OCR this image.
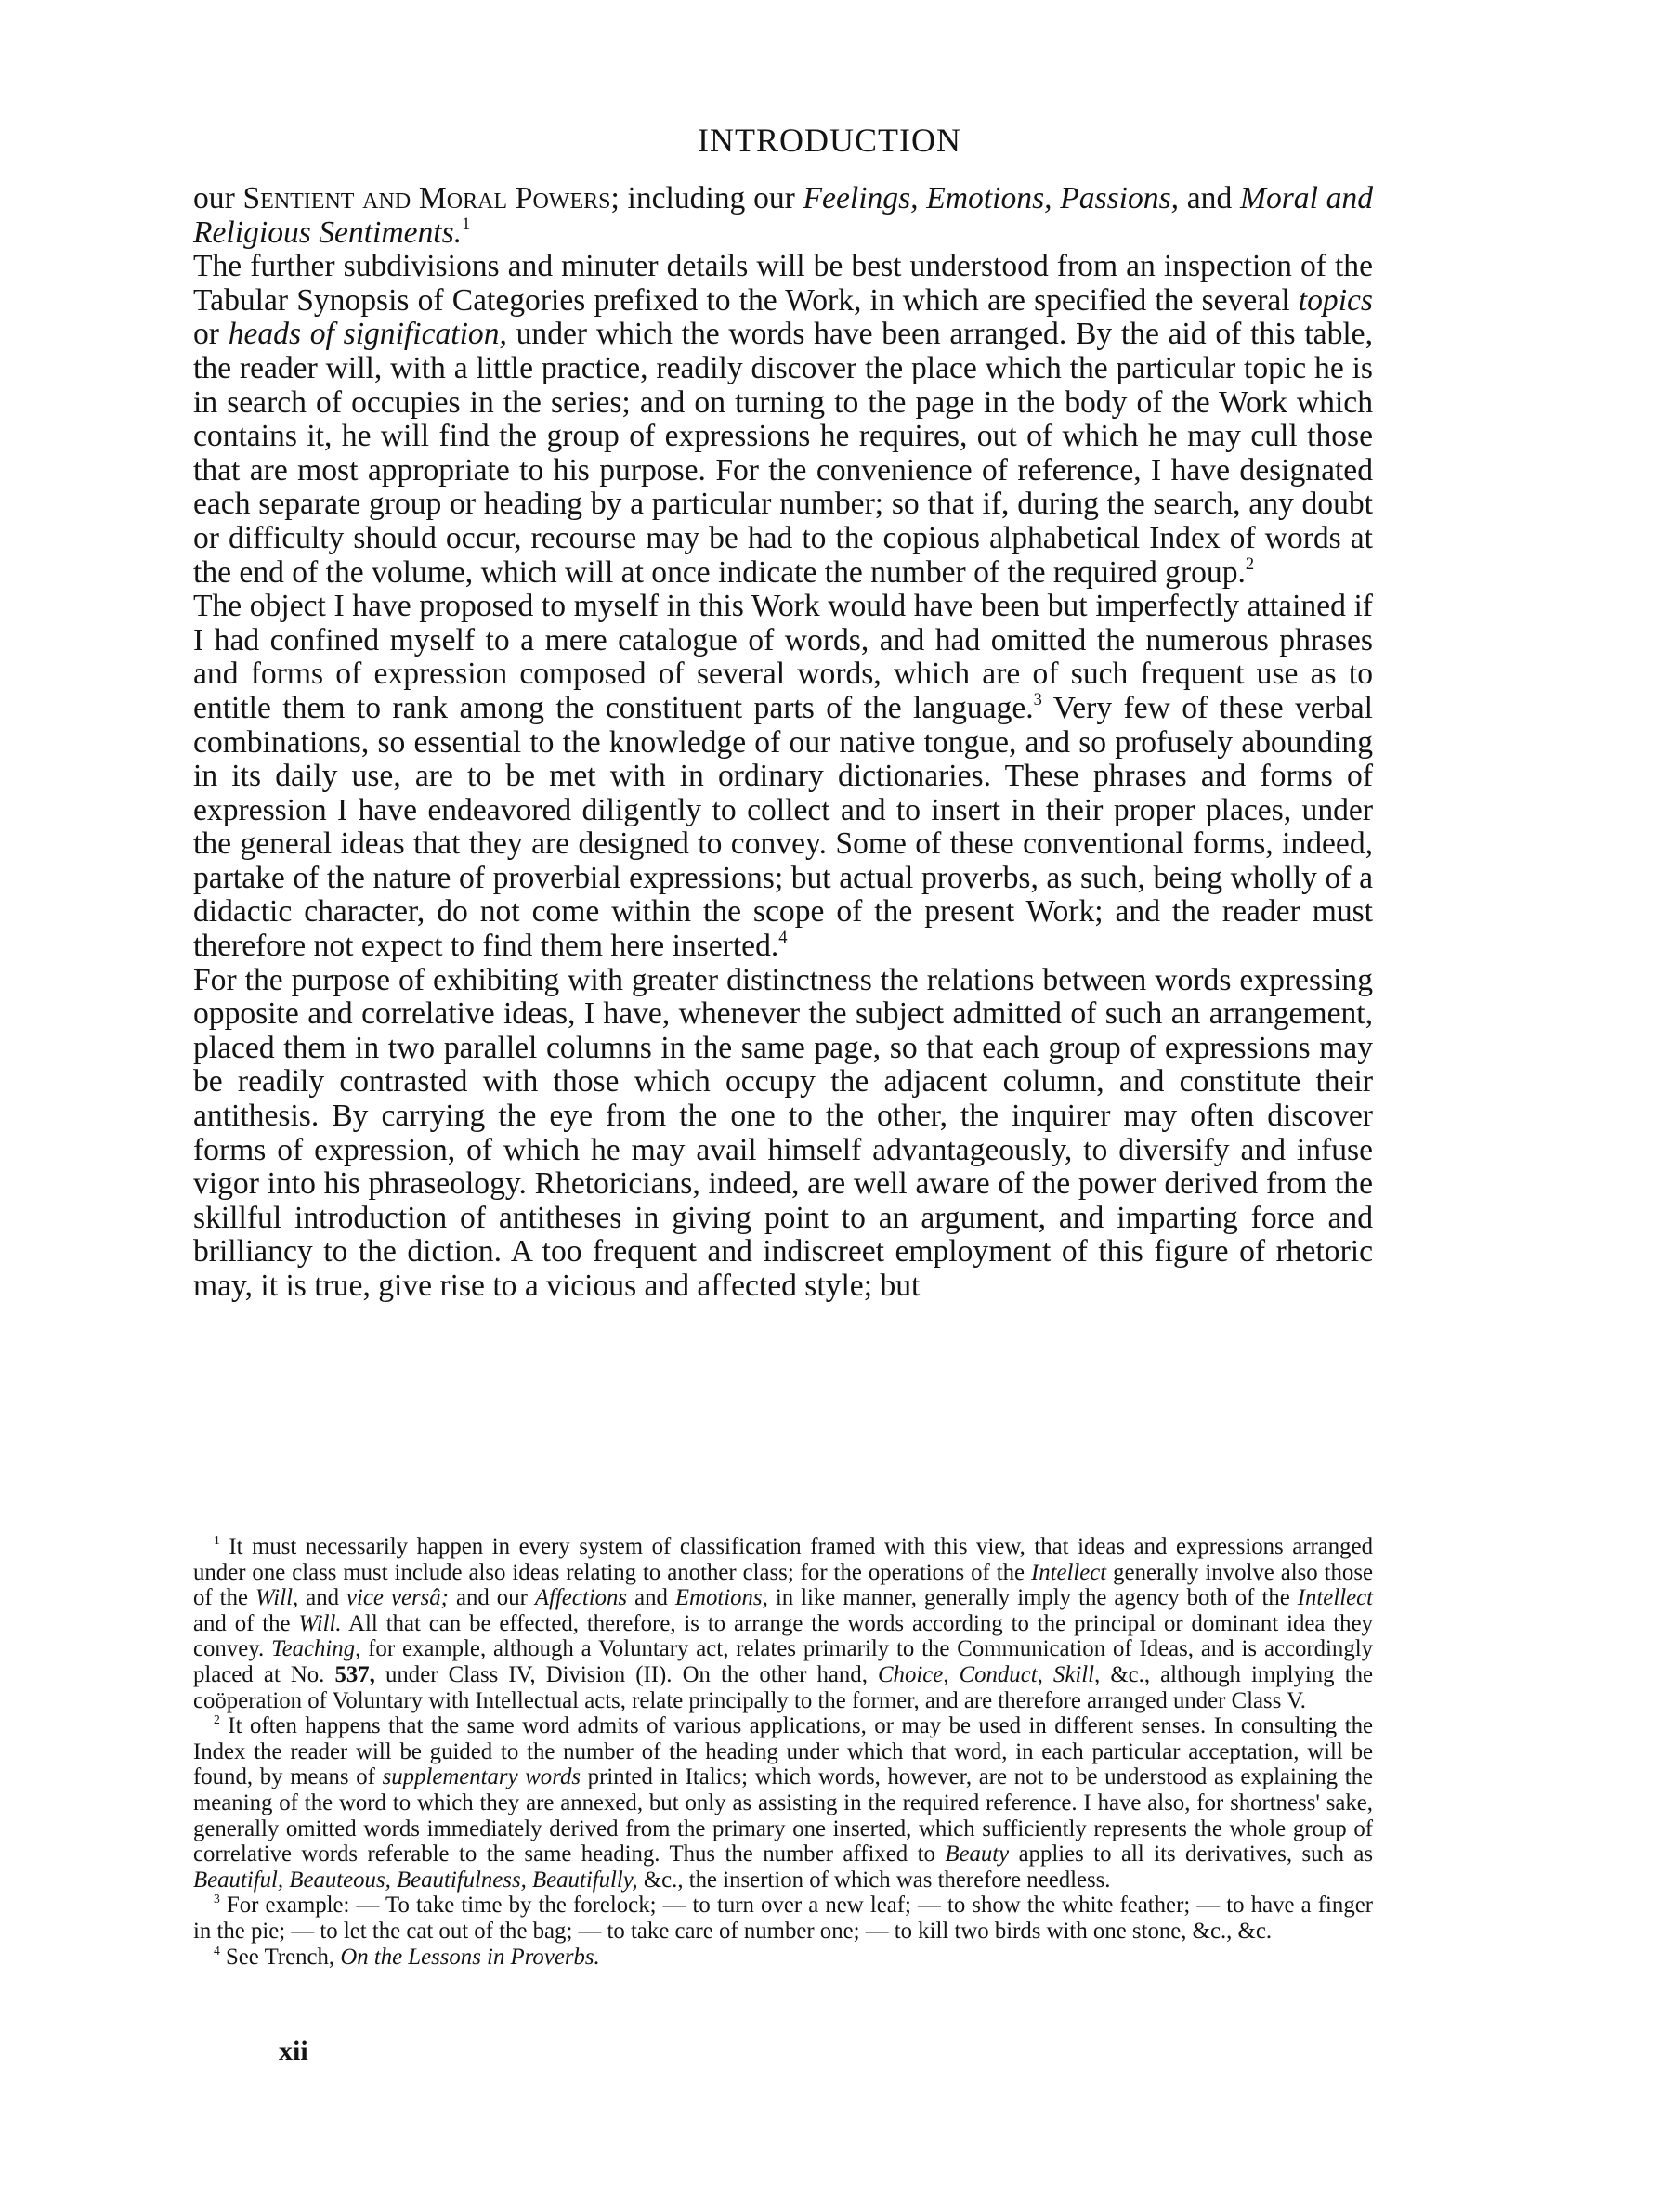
INTRODUCTION

our Sentient and Moral Powers; including our Feelings, Emotions, Passions, and Moral and Religious Sentiments.$^1$

The further subdivisions and minuter details will be best understood from an inspection of the Tabular Synopsis of Categories prefixed to the Work, in which are specified the several topics or heads of signification, under which the words have been arranged. By the aid of this table, the reader will, with a little practice, readily discover the place which the particular topic he is in search of occupies in the series; and on turning to the page in the body of the Work which contains it, he will find the group of expressions he requires, out of which he may cull those that are most appropriate to his purpose. For the convenience of reference, I have designated each separate group or heading by a particular number; so that if, during the search, any doubt or difficulty should occur, recourse may be had to the copious alphabetical Index of words at the end of the volume, which will at once indicate the number of the required group.$^2$

The object I have proposed to myself in this Work would have been but imperfectly attained if I had confined myself to a mere catalogue of words, and had omitted the numerous phrases and forms of expression composed of several words, which are of such frequent use as to entitle them to rank among the constituent parts of the language.$^3$ Very few of these verbal combinations, so essential to the knowledge of our native tongue, and so profusely abounding in its daily use, are to be met with in ordinary dictionaries. These phrases and forms of expression I have endeavored diligently to collect and to insert in their proper places, under the general ideas that they are designed to convey. Some of these conventional forms, indeed, partake of the nature of proverbial expressions; but actual proverbs, as such, being wholly of a didactic character, do not come within the scope of the present Work; and the reader must therefore not expect to find them here inserted.$^4$

For the purpose of exhibiting with greater distinctness the relations between words expressing opposite and correlative ideas, I have, whenever the subject admitted of such an arrangement, placed them in two parallel columns in the same page, so that each group of expressions may be readily contrasted with those which occupy the adjacent column, and constitute their antithesis. By carrying the eye from the one to the other, the inquirer may often discover forms of expression, of which he may avail himself advantageously, to diversify and infuse vigor into his phraseology. Rhetoricians, indeed, are well aware of the power derived from the skillful introduction of antitheses in giving point to an argument, and imparting force and brilliancy to the diction. A too frequent and indiscreet employment of this figure of rhetoric may, it is true, give rise to a vicious and affected style; but

$^1$ It must necessarily happen in every system of classification framed with this view, that ideas and expressions arranged under one class must include also ideas relating to another class; for the operations of the Intellect generally involve also those of the Will, and vice versâ; and our Affections and Emotions, in like manner, generally imply the agency both of the Intellect and of the Will. All that can be effected, therefore, is to arrange the words according to the principal or dominant idea they convey. Teaching, for example, although a Voluntary act, relates primarily to the Communication of Ideas, and is accordingly placed at No. 537, under Class IV, Division (II). On the other hand, Choice, Conduct, Skill, &c., although implying the coöperation of Voluntary with Intellectual acts, relate principally to the former, and are therefore arranged under Class V.

$^2$ It often happens that the same word admits of various applications, or may be used in different senses. In consulting the Index the reader will be guided to the number of the heading under which that word, in each particular acceptation, will be found, by means of supplementary words printed in Italics; which words, however, are not to be understood as explaining the meaning of the word to which they are annexed, but only as assisting in the required reference. I have also, for shortness' sake, generally omitted words immediately derived from the primary one inserted, which sufficiently represents the whole group of correlative words referable to the same heading. Thus the number affixed to Beauty applies to all its derivatives, such as Beautiful, Beauteous, Beautifulness, Beautifully, &c., the insertion of which was therefore needless.

$^3$ For example: — To take time by the forelock; — to turn over a new leaf; — to show the white feather; — to have a finger in the pie; — to let the cat out of the bag; — to take care of number one; — to kill two birds with one stone, &c., &c.

$^4$ See Trench, On the Lessons in Proverbs.

xii
